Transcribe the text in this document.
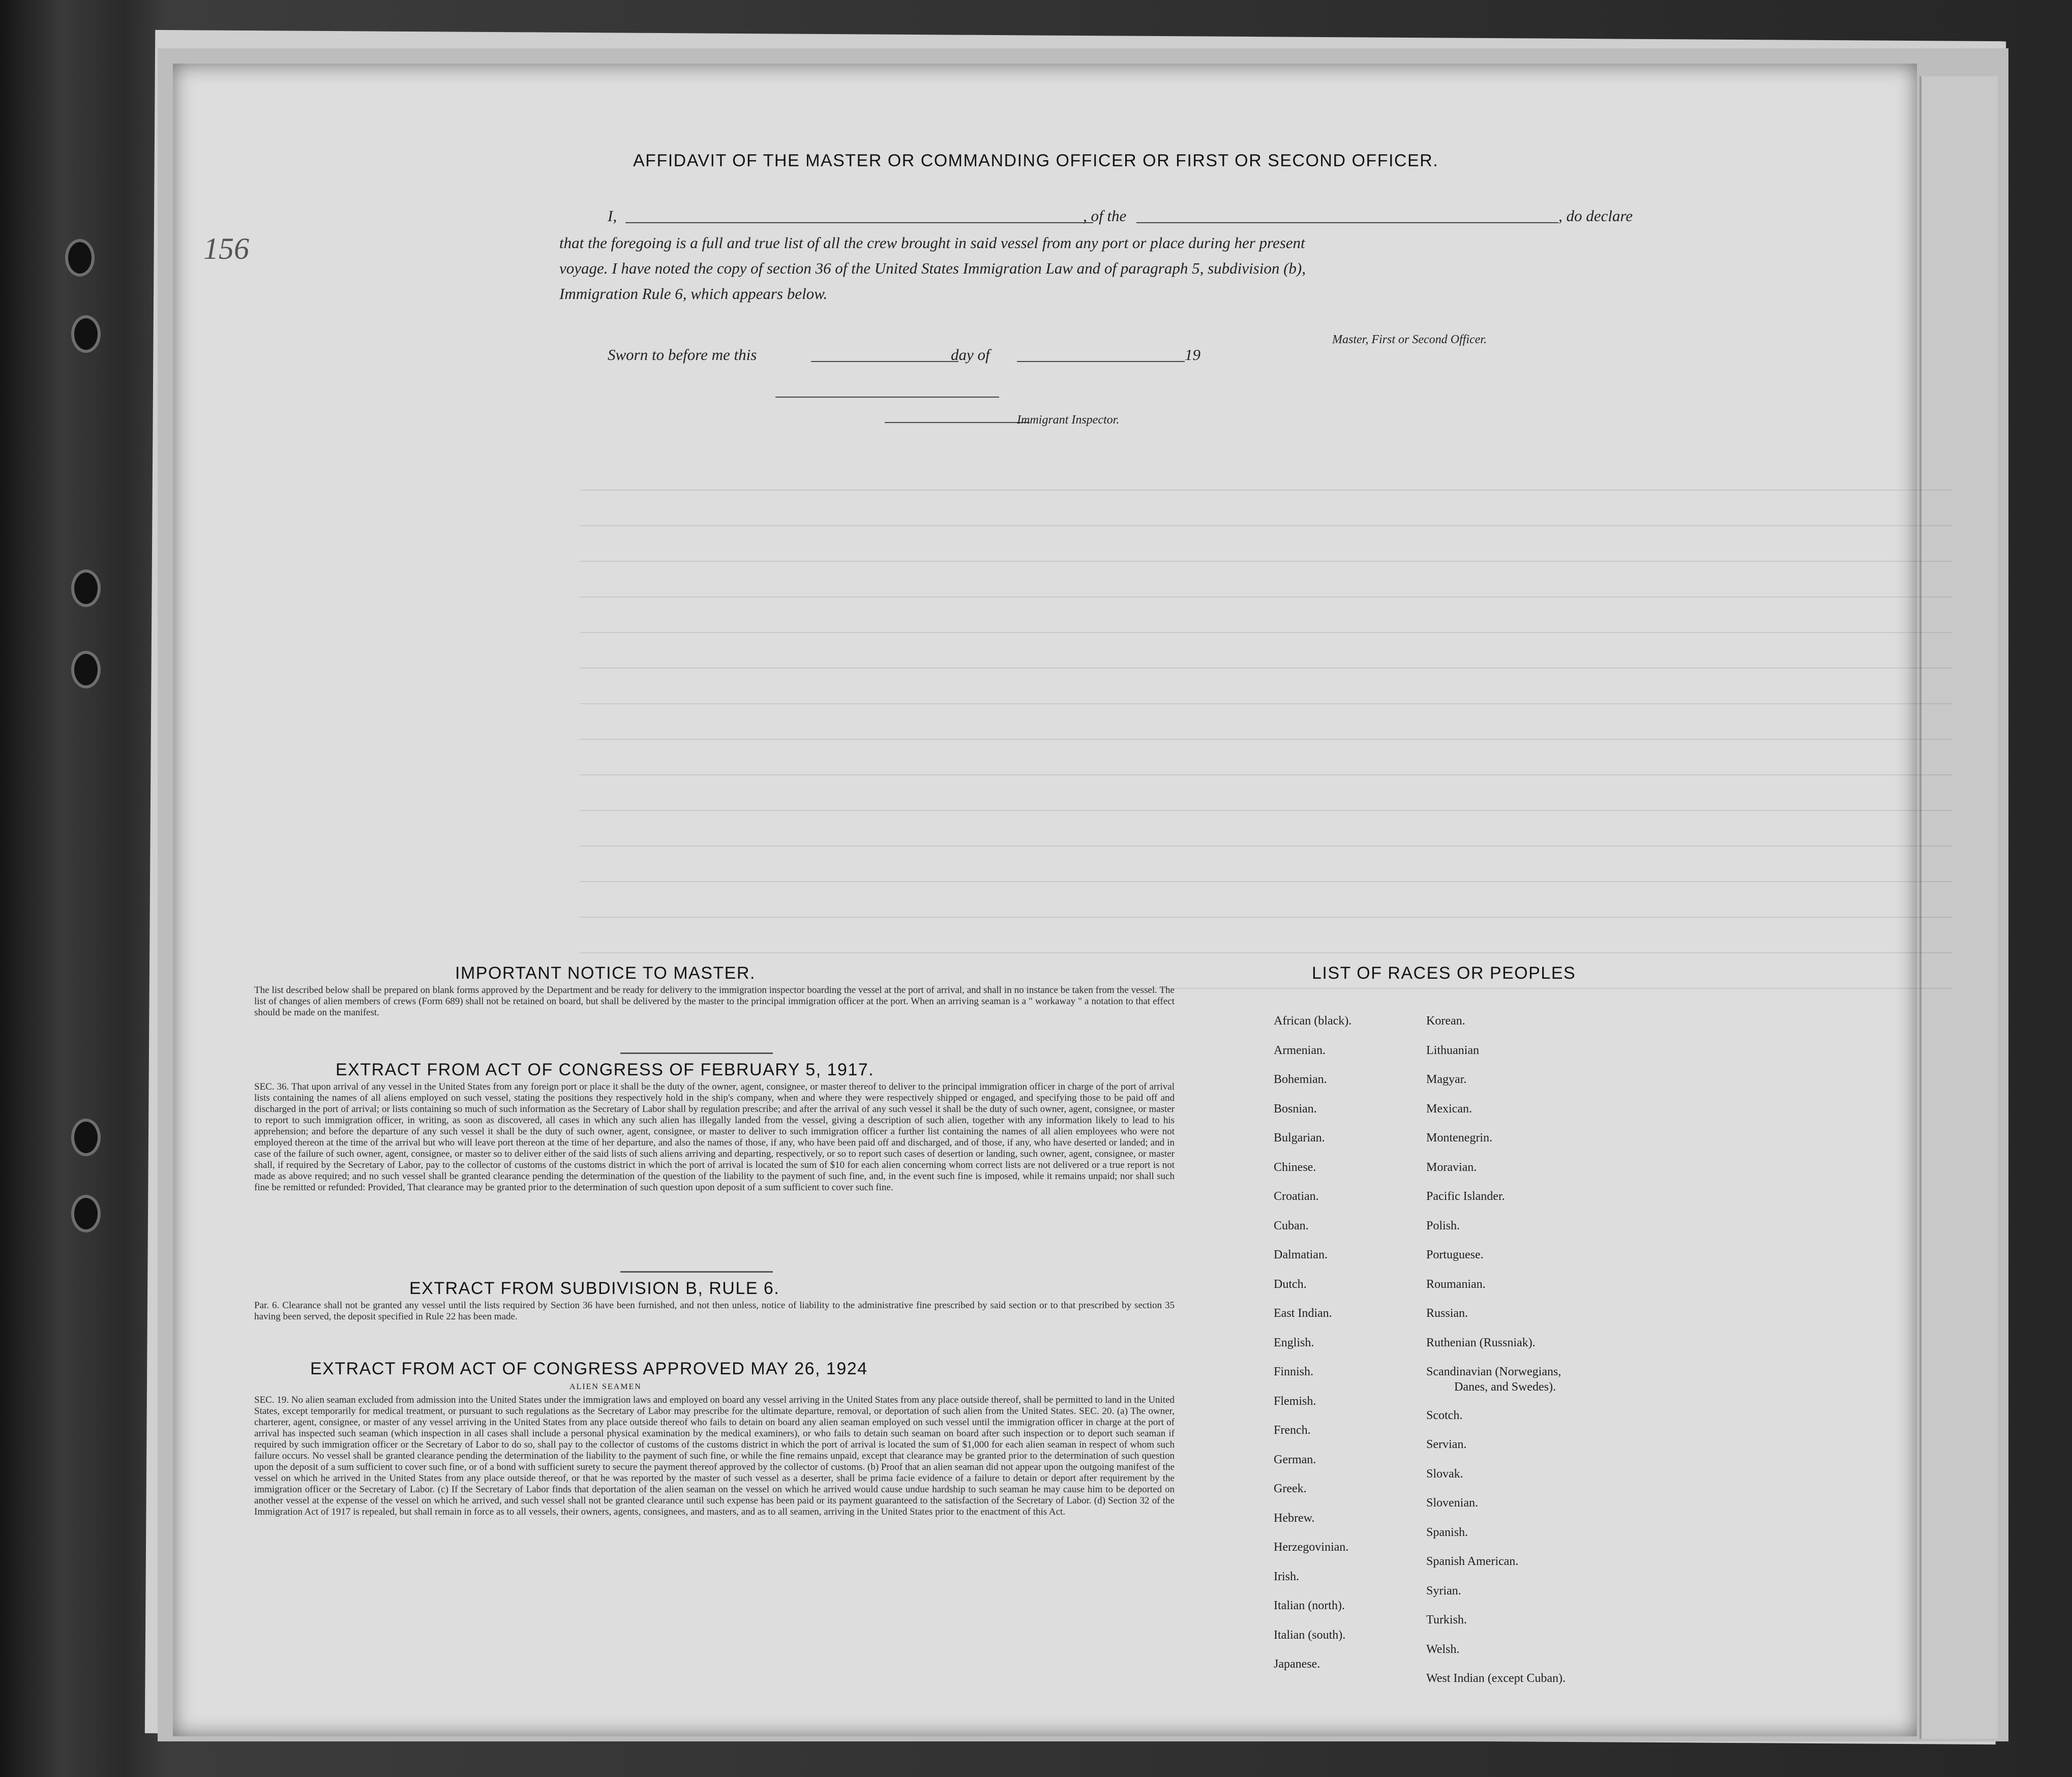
156
AFFIDAVIT OF THE MASTER OR COMMANDING OFFICER OR FIRST OR SECOND OFFICER.
I,	, of the	, do declare
that the foregoing is a full and true list of all the crew brought in said vessel from any port or place during her present
voyage. I have noted the copy of section 36 of the United States Immigration Law and of paragraph 5, subdivision (b),
Immigration Rule 6, which appears below.
Master, First or Second Officer.
Sworn to before me this	day of	19
Immigrant Inspector.
IMPORTANT NOTICE TO MASTER.
The list described below shall be prepared on blank forms approved by the Department and be ready for delivery to the immigration inspector boarding the vessel at the port of arrival, and shall in no instance be taken from the vessel. The list of changes of alien members of crews (Form 689) shall not be retained on board, but shall be delivered by the master to the principal immigration officer at the port. When an arriving seaman is a " workaway " a notation to that effect should be made on the manifest.
EXTRACT FROM ACT OF CONGRESS OF FEBRUARY 5, 1917.
SEC. 36. That upon arrival of any vessel in the United States from any foreign port or place it shall be the duty of the owner, agent, consignee, or master thereof to deliver to the principal immigration officer in charge of the port of arrival lists containing the names of all aliens employed on such vessel, stating the positions they respectively hold in the ship's company, when and where they were respectively shipped or engaged, and specifying those to be paid off and discharged in the port of arrival; or lists containing so much of such information as the Secretary of Labor shall by regulation prescribe; and after the arrival of any such vessel it shall be the duty of such owner, agent, consignee, or master to report to such immigration officer, in writing, as soon as discovered, all cases in which any such alien has illegally landed from the vessel, giving a description of such alien, together with any information likely to lead to his apprehension; and before the departure of any such vessel it shall be the duty of such owner, agent, consignee, or master to deliver to such immigration officer a further list containing the names of all alien employees who were not employed thereon at the time of the arrival but who will leave port thereon at the time of her departure, and also the names of those, if any, who have been paid off and discharged, and of those, if any, who have deserted or landed; and in case of the failure of such owner, agent, consignee, or master so to deliver either of the said lists of such aliens arriving and departing, respectively, or so to report such cases of desertion or landing, such owner, agent, consignee, or master shall, if required by the Secretary of Labor, pay to the collector of customs of the customs district in which the port of arrival is located the sum of $10 for each alien concerning whom correct lists are not delivered or a true report is not made as above required; and no such vessel shall be granted clearance pending the determination of the question of the liability to the payment of such fine, and, in the event such fine is imposed, while it remains unpaid; nor shall such fine be remitted or refunded: Provided, That clearance may be granted prior to the determination of such question upon deposit of a sum sufficient to cover such fine.
EXTRACT FROM SUBDIVISION B, RULE 6.
Par. 6. Clearance shall not be granted any vessel until the lists required by Section 36 have been furnished, and not then unless, notice of liability to the administrative fine prescribed by said section or to that prescribed by section 35 having been served, the deposit specified in Rule 22 has been made.
EXTRACT FROM ACT OF CONGRESS APPROVED MAY 26, 1924
ALIEN SEAMEN
SEC. 19. No alien seaman excluded from admission into the United States under the immigration laws and employed on board any vessel arriving in the United States from any place outside thereof, shall be permitted to land in the United States, except temporarily for medical treatment, or pursuant to such regulations as the Secretary of Labor may prescribe for the ultimate departure, removal, or deportation of such alien from the United States. SEC. 20. (a) The owner, charterer, agent, consignee, or master of any vessel arriving in the United States from any place outside thereof who fails to detain on board any alien seaman employed on such vessel until the immigration officer in charge at the port of arrival has inspected such seaman (which inspection in all cases shall include a personal physical examination by the medical examiners), or who fails to detain such seaman on board after such inspection or to deport such seaman if required by such immigration officer or the Secretary of Labor to do so, shall pay to the collector of customs of the customs district in which the port of arrival is located the sum of $1,000 for each alien seaman in respect of whom such failure occurs. No vessel shall be granted clearance pending the determination of the liability to the payment of such fine, or while the fine remains unpaid, except that clearance may be granted prior to the determination of such question upon the deposit of a sum sufficient to cover such fine, or of a bond with sufficient surety to secure the payment thereof approved by the collector of customs. (b) Proof that an alien seaman did not appear upon the outgoing manifest of the vessel on which he arrived in the United States from any place outside thereof, or that he was reported by the master of such vessel as a deserter, shall be prima facie evidence of a failure to detain or deport after requirement by the immigration officer or the Secretary of Labor. (c) If the Secretary of Labor finds that deportation of the alien seaman on the vessel on which he arrived would cause undue hardship to such seaman he may cause him to be deported on another vessel at the expense of the vessel on which he arrived, and such vessel shall not be granted clearance until such expense has been paid or its payment guaranteed to the satisfaction of the Secretary of Labor. (d) Section 32 of the Immigration Act of 1917 is repealed, but shall remain in force as to all vessels, their owners, agents, consignees, and masters, and as to all seamen, arriving in the United States prior to the enactment of this Act.
LIST OF RACES OR PEOPLES
African (black).
Armenian.
Bohemian.
Bosnian.
Bulgarian.
Chinese.
Croatian.
Cuban.
Dalmatian.
Dutch.
East Indian.
English.
Finnish.
Flemish.
French.
German.
Greek.
Hebrew.
Herzegovinian.
Irish.
Italian (north).
Italian (south).
Japanese.
Korean.
Lithuanian
Magyar.
Mexican.
Montenegrin.
Moravian.
Pacific Islander.
Polish.
Portuguese.
Roumanian.
Russian.
Ruthenian (Russniak).
Scandinavian (Norwegians,
Danes, and Swedes).
Scotch.
Servian.
Slovak.
Slovenian.
Spanish.
Spanish American.
Syrian.
Turkish.
Welsh.
West Indian (except Cuban).
